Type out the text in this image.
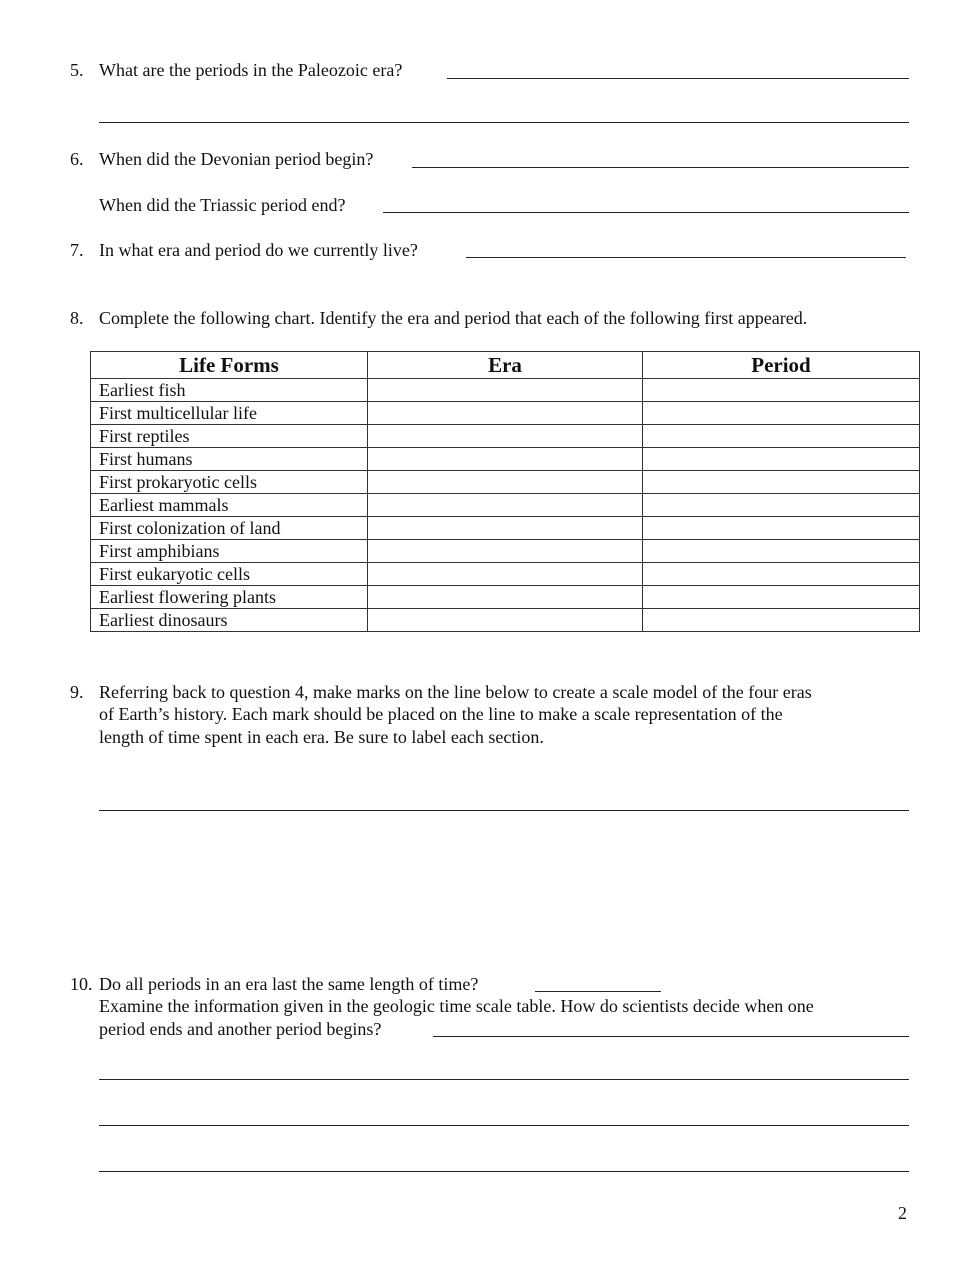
5. What are the periods in the Paleozoic era?
6. When did the Devonian period begin?
When did the Triassic period end?
7. In what era and period do we currently live?
8. Complete the following chart. Identify the era and period that each of the following first appeared.
Life Forms	Era	Period
Earliest fish		
First multicellular life		
First reptiles		
First humans		
First prokaryotic cells		
Earliest mammals		
First colonization of land		
First amphibians		
First eukaryotic cells		
Earliest flowering plants		
Earliest dinosaurs		
9. Referring back to question 4, make marks on the line below to create a scale model of the four eras
of Earth’s history. Each mark should be placed on the line to make a scale representation of the
length of time spent in each era. Be sure to label each section.
10. Do all periods in an era last the same length of time?
Examine the information given in the geologic time scale table. How do scientists decide when one
period ends and another period begins?
2
